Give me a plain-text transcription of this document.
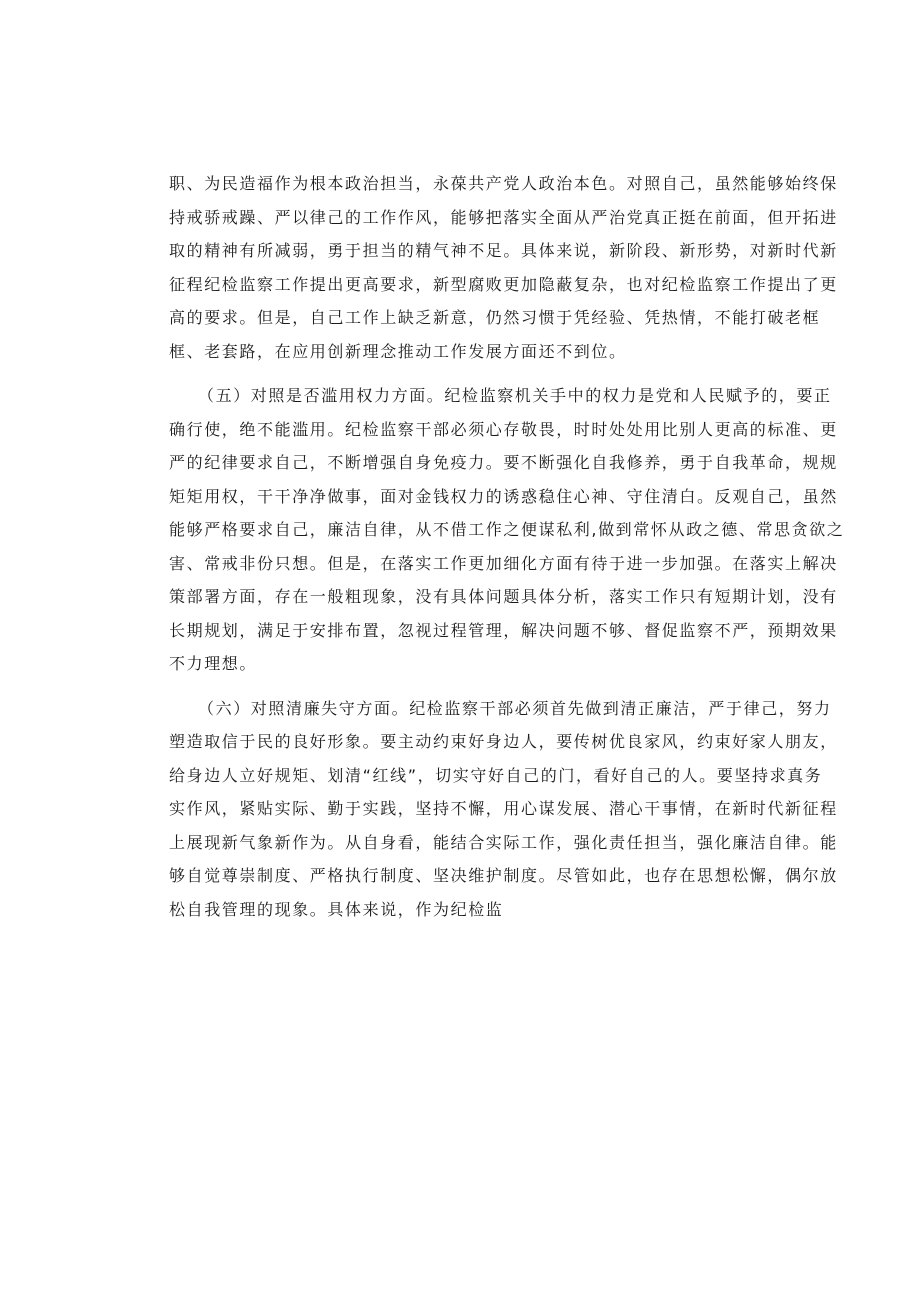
职、为民造福作为根本政治担当，永葆共产党人政治本色。对照自己，虽然能够始终保
持戒骄戒躁、严以律己的工作作风，能够把落实全面从严治党真正挺在前面，但开拓进
取的精神有所减弱，勇于担当的精气神不足。具体来说，新阶段、新形势，对新时代新
征程纪检监察工作提出更高要求，新型腐败更加隐蔽复杂，也对纪检监察工作提出了更
高的要求。但是，自己工作上缺乏新意，仍然习惯于凭经验、凭热情，不能打破老框
框、老套路，在应用创新理念推动工作发展方面还不到位。
（五）对照是否滥用权力方面。纪检监察机关手中的权力是党和人民赋予的，要正
确行使，绝不能滥用。纪检监察干部必须心存敬畏，时时处处用比别人更高的标准、更
严的纪律要求自己，不断增强自身免疫力。要不断强化自我修养，勇于自我革命，规规
矩矩用权，干干净净做事，面对金钱权力的诱惑稳住心神、守住清白。反观自己，虽然
能够严格要求自己，廉洁自律，从不借工作之便谋私利,做到常怀从政之德、常思贪欲之
害、常戒非份只想。但是，在落实工作更加细化方面有待于进一步加强。在落实上解决
策部署方面，存在一般粗现象，没有具体问题具体分析，落实工作只有短期计划，没有
长期规划，满足于安排布置，忽视过程管理，解决问题不够、督促监察不严，预期效果
不力理想。
（六）对照清廉失守方面。纪检监察干部必须首先做到清正廉洁，严于律己，努力
塑造取信于民的良好形象。要主动约束好身边人，要传树优良家风，约束好家人朋友，
给身边人立好规矩、划清“红线”，切实守好自己的门，看好自己的人。要坚持求真务
实作风，紧贴实际、勤于实践，坚持不懈，用心谋发展、潜心干事情，在新时代新征程
上展现新气象新作为。从自身看，能结合实际工作，强化责任担当，强化廉洁自律。能
够自觉尊崇制度、严格执行制度、坚决维护制度。尽管如此，也存在思想松懈，偶尔放
松自我管理的现象。具体来说，作为纪检监
